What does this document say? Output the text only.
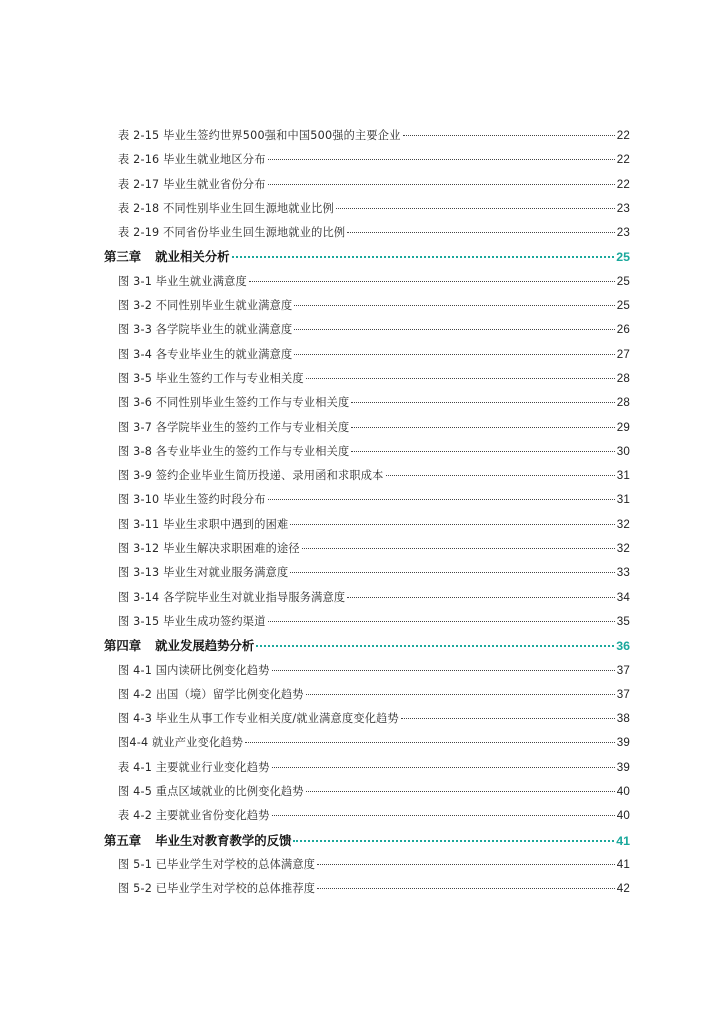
表 2-15 毕业生签约世界500强和中国500强的主要企业	22
表 2-16 毕业生就业地区分布	22
表 2-17 毕业生就业省份分布	22
表 2-18 不同性别毕业生回生源地就业比例	23
表 2-19 不同省份毕业生回生源地就业的比例	23
第三章 就业相关分析	25
图 3-1 毕业生就业满意度	25
图 3-2 不同性别毕业生就业满意度	25
图 3-3 各学院毕业生的就业满意度	26
图 3-4 各专业毕业生的就业满意度	27
图 3-5 毕业生签约工作与专业相关度	28
图 3-6 不同性别毕业生签约工作与专业相关度	28
图 3-7 各学院毕业生的签约工作与专业相关度	29
图 3-8 各专业毕业生的签约工作与专业相关度	30
图 3-9 签约企业毕业生简历投递、录用函和求职成本	31
图 3-10 毕业生签约时段分布	31
图 3-11 毕业生求职中遇到的困难	32
图 3-12 毕业生解决求职困难的途径	32
图 3-13 毕业生对就业服务满意度	33
图 3-14 各学院毕业生对就业指导服务满意度	34
图 3-15 毕业生成功签约渠道	35
第四章 就业发展趋势分析	36
图 4-1 国内读研比例变化趋势	37
图 4-2 出国（境）留学比例变化趋势	37
图 4-3 毕业生从事工作专业相关度/就业满意度变化趋势	38
图4-4 就业产业变化趋势	39
表 4-1 主要就业行业变化趋势	39
图 4-5 重点区域就业的比例变化趋势	40
表 4-2 主要就业省份变化趋势	40
第五章 毕业生对教育教学的反馈	41
图 5-1 已毕业学生对学校的总体满意度	41
图 5-2 已毕业学生对学校的总体推荐度	42
